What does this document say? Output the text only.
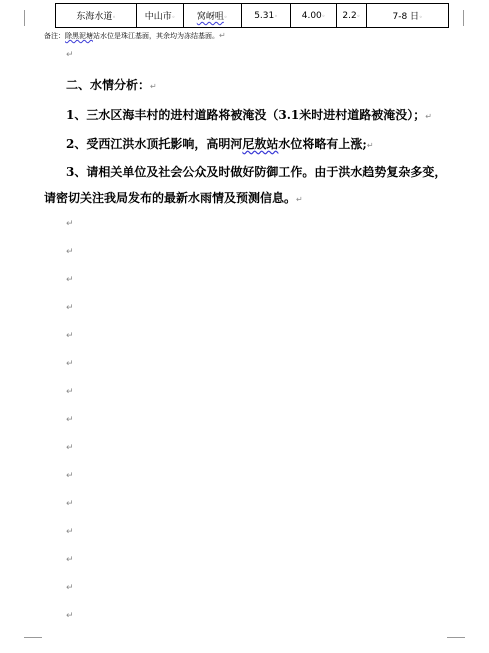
东海水道◦	中山市◦	窝岈咀◦	5.31◦	4.00◦	2.2◦	7-8 日◦
备注：除黑泥塘站水位是珠江基面，其余均为冻结基面。↵
↵
二、水情分析：↵
1、三水区海丰村的进村道路将被淹没（3.1米时进村道路被淹没）；↵
2、受西江洪水顶托影响，高明河尼敖站水位将略有上涨;↵
3、请相关单位及社会公众及时做好防御工作。由于洪水趋势复杂多变，
请密切关注我局发布的最新水雨情及预测信息。↵
↵
↵
↵
↵
↵
↵
↵
↵
↵
↵
↵
↵
↵
↵
↵
